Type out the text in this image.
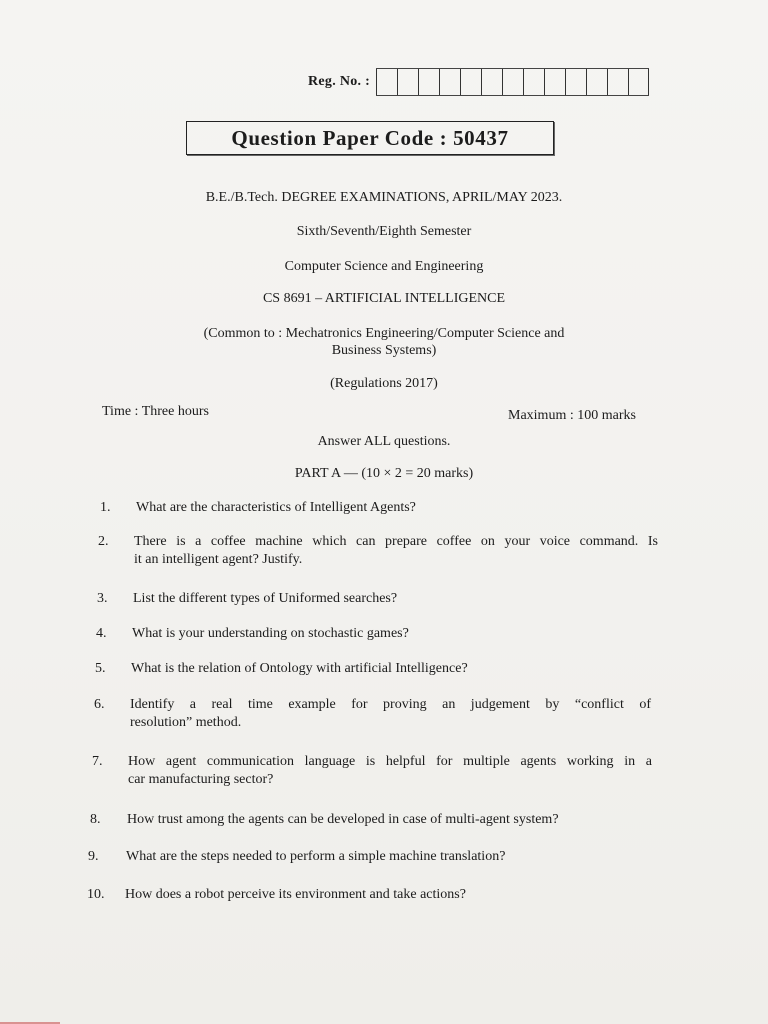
Reg. No. :
Question Paper Code : 50437
B.E./B.Tech. DEGREE EXAMINATIONS, APRIL/MAY 2023.
Sixth/Seventh/Eighth Semester
Computer Science and Engineering
CS 8691 – ARTIFICIAL INTELLIGENCE
(Common to : Mechatronics Engineering/Computer Science and
Business Systems)
(Regulations 2017)
Time : Three hours	Maximum : 100 marks
Answer ALL questions.
PART A — (10 × 2 = 20 marks)
1. What are the characteristics of Intelligent Agents?
2. There is a coffee machine which can prepare coffee on your voice command. Is
it an intelligent agent? Justify.
3. List the different types of Uniformed searches?
4. What is your understanding on stochastic games?
5. What is the relation of Ontology with artificial Intelligence?
6. Identify a real time example for proving an judgement by “conflict of
resolution” method.
7. How agent communication language is helpful for multiple agents working in a
car manufacturing sector?
8. How trust among the agents can be developed in case of multi-agent system?
9. What are the steps needed to perform a simple machine translation?
10. How does a robot perceive its environment and take actions?
